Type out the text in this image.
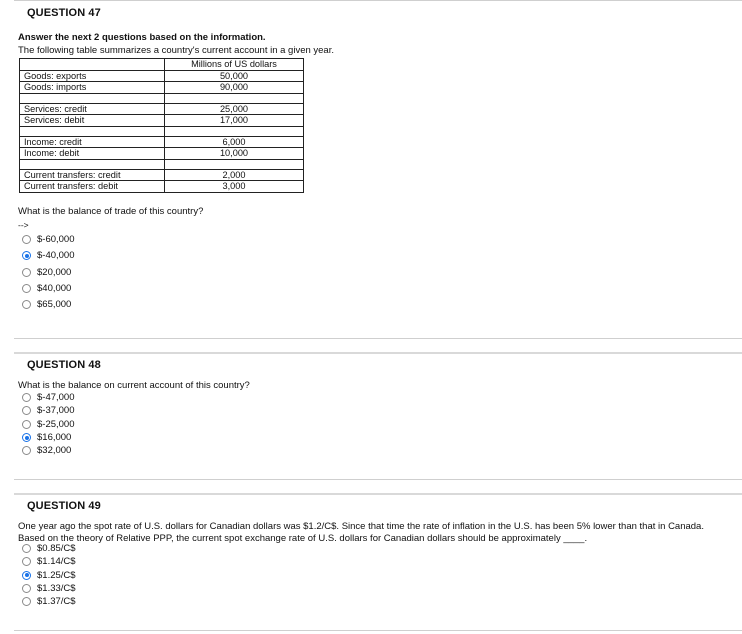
QUESTION 47
Answer the next 2 questions based on the information.
The following table summarizes a country's current account in a given year.
	Millions of US dollars
Goods: exports	50,000
Goods: imports	90,000

Services: credit	25,000
Services: debit	17,000

Income: credit	6,000
Income: debit	10,000

Current transfers: credit	2,000
Current transfers: debit	3,000
What is the balance of trade of this country?
-->
$-60,000
$-40,000
$20,000
$40,000
$65,000
QUESTION 48
What is the balance on current account of this country?
$-47,000
$-37,000
$-25,000
$16,000
$32,000
QUESTION 49
One year ago the spot rate of U.S. dollars for Canadian dollars was $1.2/C$. Since that time the rate of inflation in the U.S. has been 5% lower than that in Canada. Based on the theory of Relative PPP, the current spot exchange rate of U.S. dollars for Canadian dollars should be approximately ____.
$0.85/C$
$1.14/C$
$1.25/C$
$1.33/C$
$1.37/C$
